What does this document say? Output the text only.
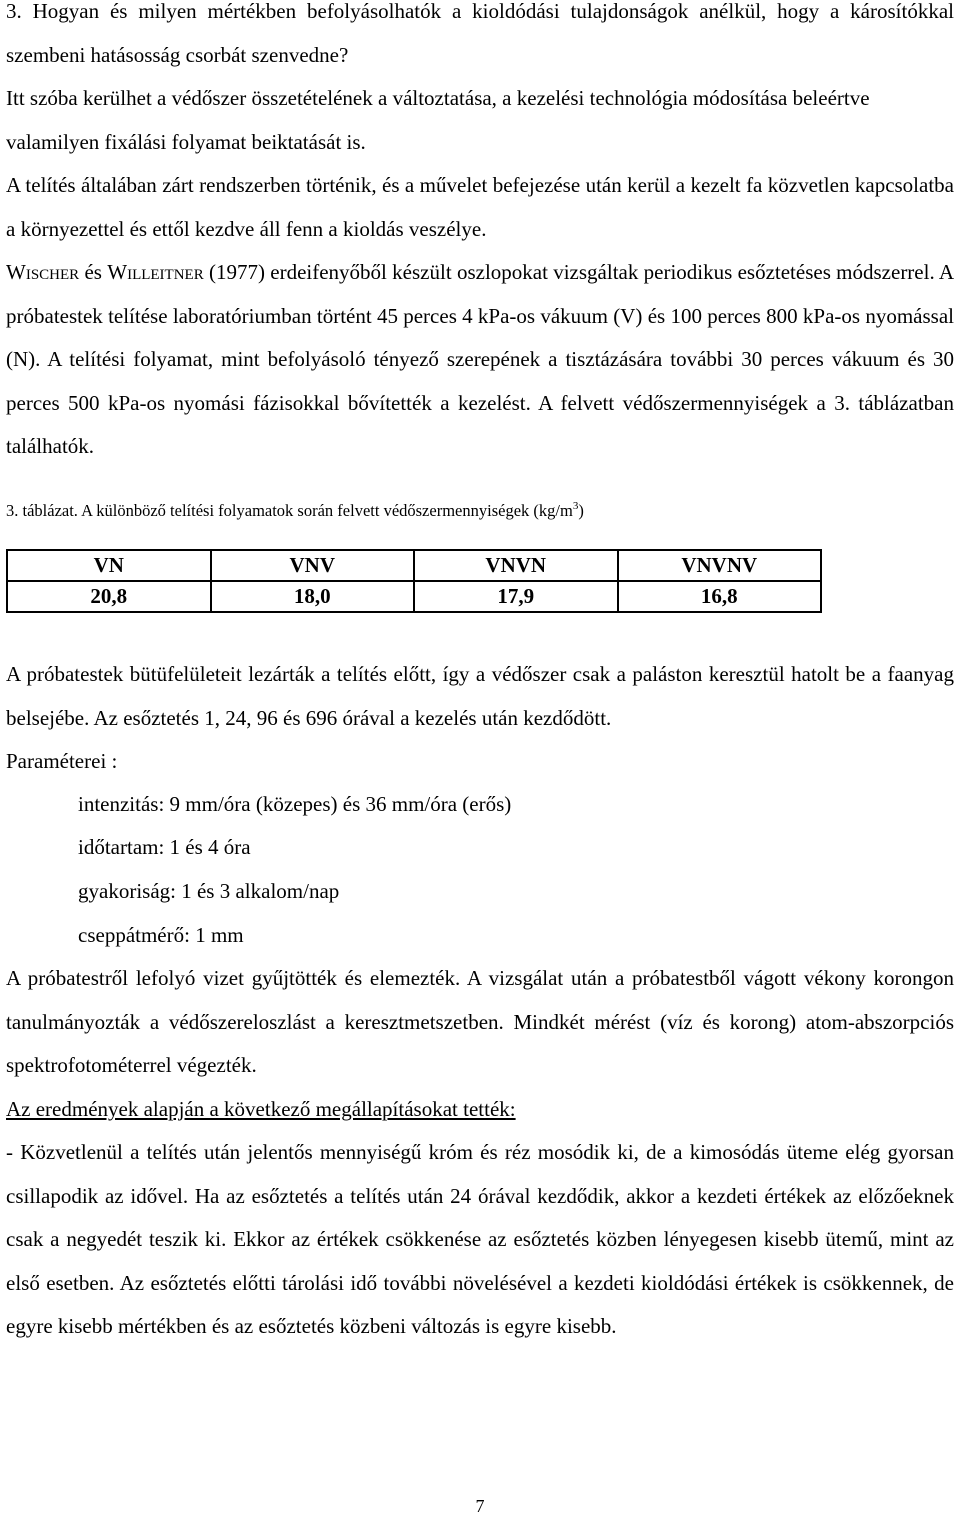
3. Hogyan és milyen mértékben befolyásolhatók a kioldódási tulajdonságok anélkül, hogy a károsítókkal szembeni hatásosság csorbát szenvedne?

Itt szóba kerülhet a védőszer összetételének a változtatása, a kezelési technológia módosítása beleértve valamilyen fixálási folyamat beiktatását is.

A telítés általában zárt rendszerben történik, és a művelet befejezése után kerül a kezelt fa közvetlen kapcsolatba a környezettel és ettől kezdve áll fenn a kioldás veszélye.

Wischer és Willeitner (1977) erdeifenyőből készült oszlopokat vizsgáltak periodikus esőztetéses módszerrel. A próbatestek telítése laboratóriumban történt 45 perces 4 kPa-os vákuum (V) és 100 perces 800 kPa-os nyomással (N). A telítési folyamat, mint befolyásoló tényező szerepének a tisztázására további 30 perces vákuum és 30 perces 500 kPa-os nyomási fázisokkal bővítették a kezelést. A felvett védőszermennyiségek a 3. táblázatban találhatók.

3. táblázat. A különböző telítési folyamatok során felvett védőszermennyiségek $(kg/m^3)$
VN	VNV	VNVN	VNVNV
20,8	18,0	17,9	16,8

A próbatestek bütüfelületeit lezárták a telítés előtt, így a védőszer csak a paláston keresztül hatolt be a faanyag belsejébe. Az esőztetés 1, 24, 96 és 696 órával a kezelés után kezdődött.

Paraméterei :

intenzitás: 9 mm/óra (közepes) és 36 mm/óra (erős)
időtartam: 1 és 4 óra
gyakoriság: 1 és 3 alkalom/nap
cseppátmérő: 1 mm

A próbatestről lefolyó vizet gyűjtötték és elemezték. A vizsgálat után a próbatestből vágott vékony korongon tanulmányozták a védőszereloszlást a keresztmetszetben. Mindkét mérést (víz és korong) atom-abszorpciós spektrofotométerrel végezték.

Az eredmények alapján a következő megállapításokat tették:

- Közvetlenül a telítés után jelentős mennyiségű króm és réz mosódik ki, de a kimosódás üteme elég gyorsan csillapodik az idővel. Ha az esőztetés a telítés után 24 órával kezdődik, akkor a kezdeti értékek az előzőeknek csak a negyedét teszik ki. Ekkor az értékek csökkenése az esőztetés közben lényegesen kisebb ütemű, mint az első esetben. Az esőztetés előtti tárolási idő további növelésével a kezdeti kioldódási értékek is csökkennek, de egyre kisebb mértékben és az esőztetés közbeni változás is egyre kisebb.

7
